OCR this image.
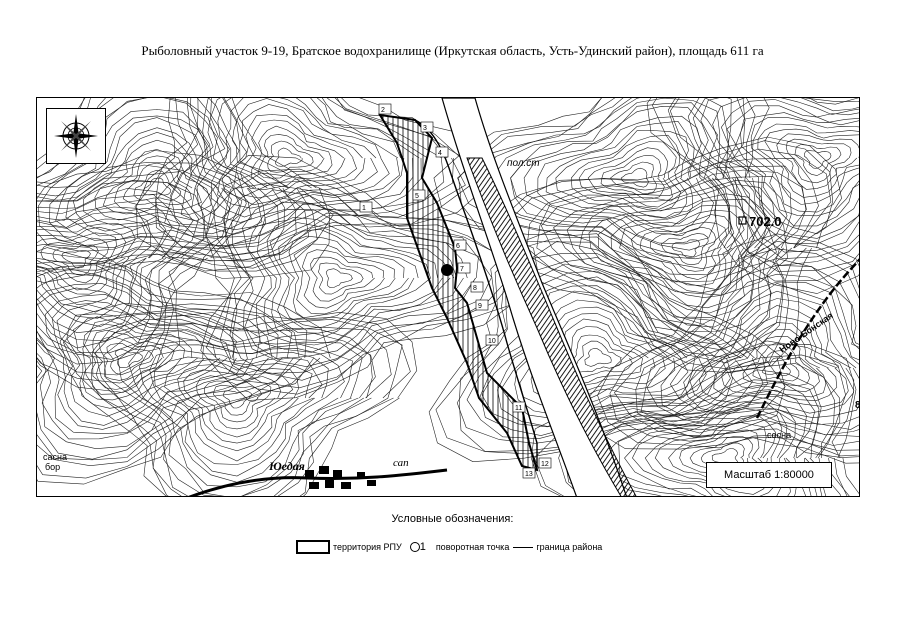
Рыболовный участок 9-19, Братское водохранилище (Иркутская область, Усть-Удинский район), площадь 611 га
702.0
пол.ст
Юедая	сап
сосна
сасна
бор
Ново-Бонская
8
1
2
3
4
5
6
7
8
9
10
11
12
13	Масштаб 1:80000
Условные обозначения:
территория РПУ 1 поворотная точка	граница района
